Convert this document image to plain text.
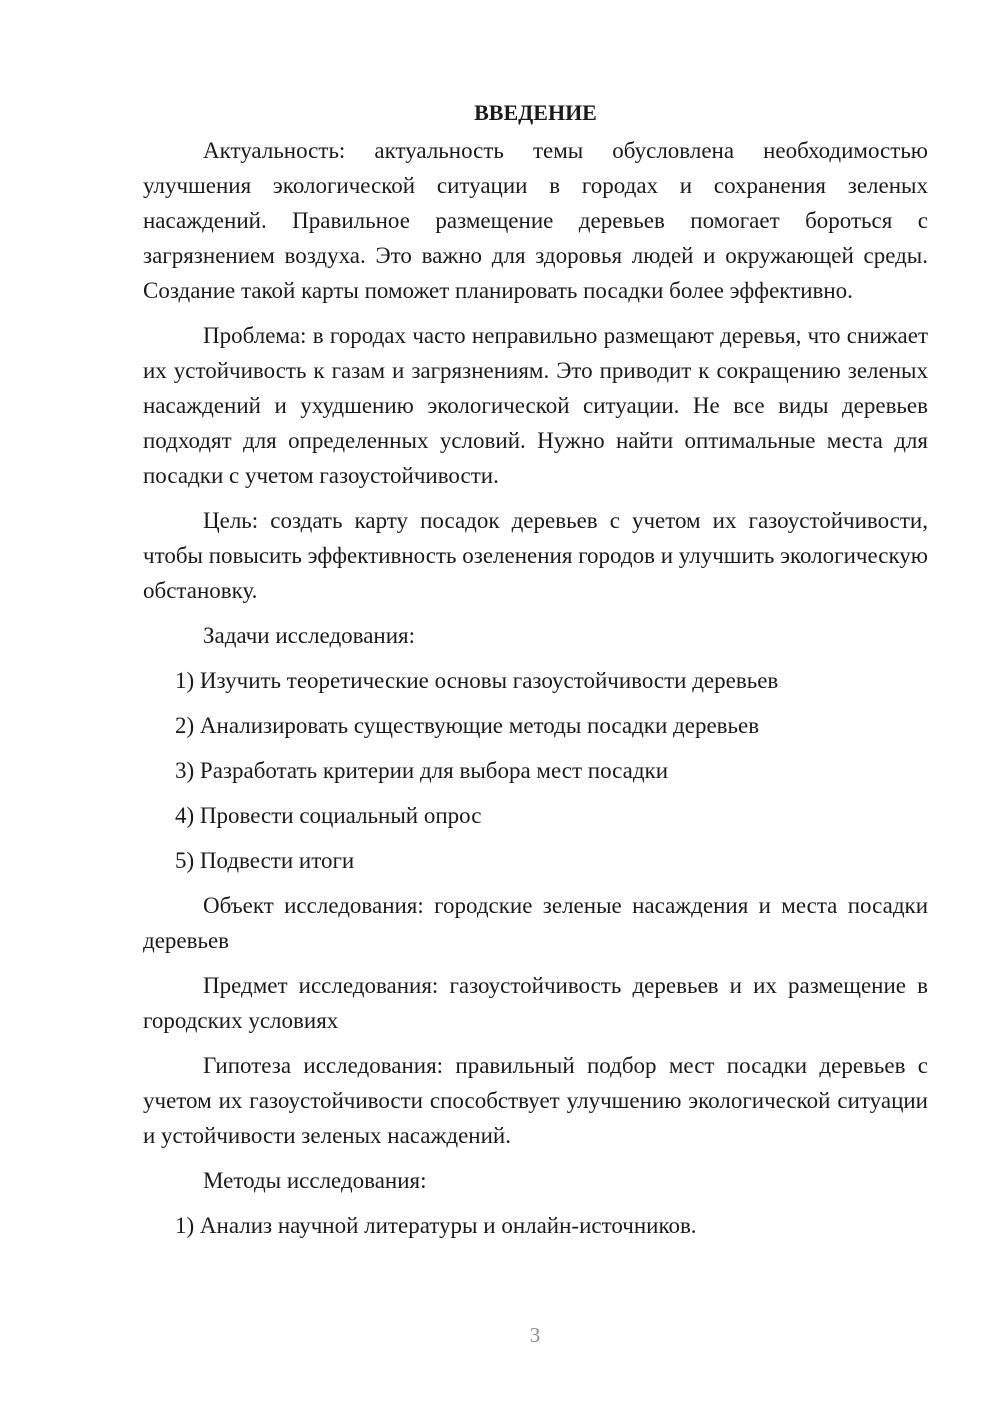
ВВЕДЕНИЕ

Актуальность: актуальность темы обусловлена необходимостью улучшения экологической ситуации в городах и сохранения зеленых насаждений. Правильное размещение деревьев помогает бороться с загрязнением воздуха. Это важно для здоровья людей и окружающей среды. Создание такой карты поможет планировать посадки более эффективно.

Проблема: в городах часто неправильно размещают деревья, что снижает их устойчивость к газам и загрязнениям. Это приводит к сокращению зеленых насаждений и ухудшению экологической ситуации. Не все виды деревьев подходят для определенных условий. Нужно найти оптимальные места для посадки с учетом газоустойчивости.

Цель: создать карту посадок деревьев с учетом их газоустойчивости, чтобы повысить эффективность озеленения городов и улучшить экологическую обстановку.

Задачи исследования:

1) Изучить теоретические основы газоустойчивости деревьев
2) Анализировать существующие методы посадки деревьев
3) Разработать критерии для выбора мест посадки
4) Провести социальный опрос
5) Подвести итоги

Объект исследования: городские зеленые насаждения и места посадки деревьев

Предмет исследования: газоустойчивость деревьев и их размещение в городских условиях

Гипотеза исследования: правильный подбор мест посадки деревьев с учетом их газоустойчивости способствует улучшению экологической ситуации и устойчивости зеленых насаждений.

Методы исследования:

1) Анализ научной литературы и онлайн-источников.
3
